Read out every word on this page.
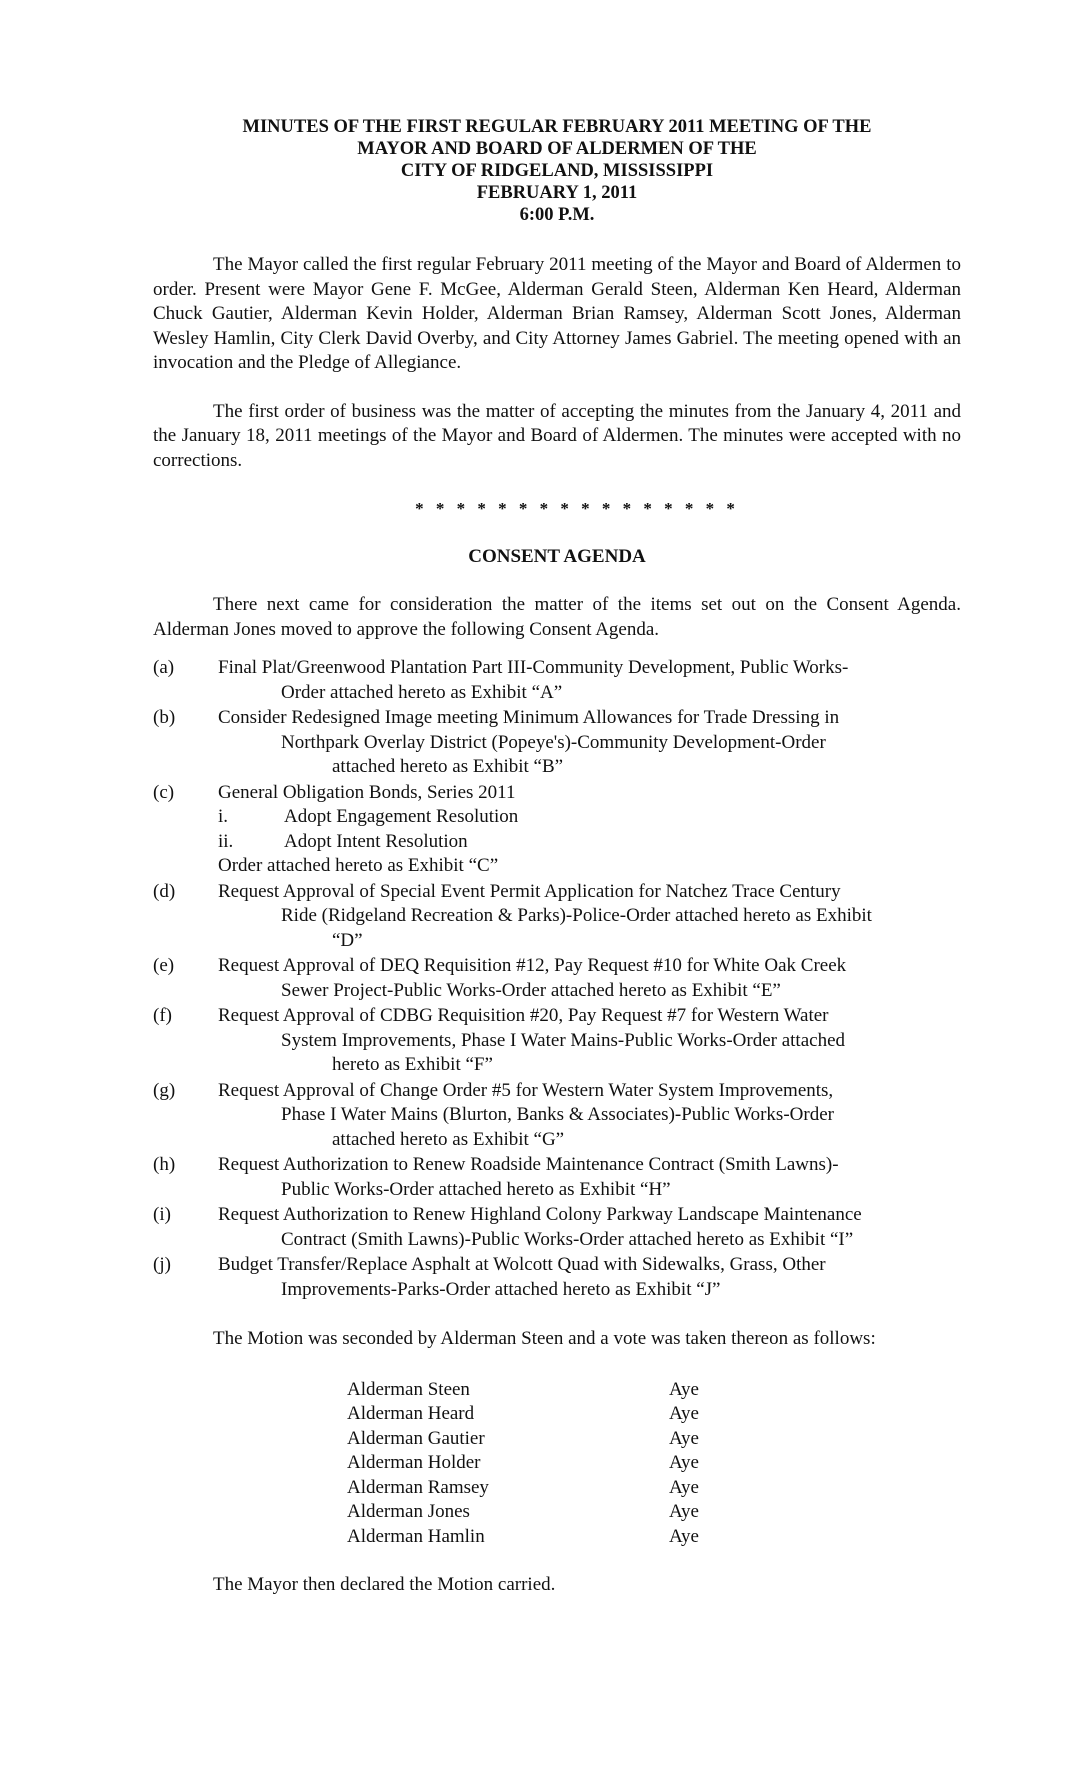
MINUTES OF THE FIRST REGULAR FEBRUARY 2011 MEETING OF THE
MAYOR AND BOARD OF ALDERMEN OF THE
CITY OF RIDGELAND, MISSISSIPPI
FEBRUARY 1, 2011
6:00 P.M.

The Mayor called the first regular February 2011 meeting of the Mayor and Board of Aldermen to order. Present were Mayor Gene F. McGee, Alderman Gerald Steen, Alderman Ken Heard, Alderman Chuck Gautier, Alderman Kevin Holder, Alderman Brian Ramsey, Alderman Scott Jones, Alderman Wesley Hamlin, City Clerk David Overby, and City Attorney James Gabriel. The meeting opened with an invocation and the Pledge of Allegiance.

The first order of business was the matter of accepting the minutes from the January 4, 2011 and the January 18, 2011 meetings of the Mayor and Board of Aldermen. The minutes were accepted with no corrections.

* * * * * * * * * * * * * * * *
CONSENT AGENDA

There next came for consideration the matter of the items set out on the Consent Agenda. Alderman Jones moved to approve the following Consent Agenda.

(a)	Final Plat/Greenwood Plantation Part III-Community Development, Public Works-
Order attached hereto as Exhibit “A”
(b)	Consider Redesigned Image meeting Minimum Allowances for Trade Dressing in
Northpark Overlay District (Popeye's)-Community Development-Order
attached hereto as Exhibit “B”
(c)	General Obligation Bonds, Series 2011
i.	Adopt Engagement Resolution
ii.	Adopt Intent Resolution
Order attached hereto as Exhibit “C”
(d)	Request Approval of Special Event Permit Application for Natchez Trace Century
Ride (Ridgeland Recreation & Parks)-Police-Order attached hereto as Exhibit
“D”
(e)	Request Approval of DEQ Requisition #12, Pay Request #10 for White Oak Creek
Sewer Project-Public Works-Order attached hereto as Exhibit “E”
(f)	Request Approval of CDBG Requisition #20, Pay Request #7 for Western Water
System Improvements, Phase I Water Mains-Public Works-Order attached
hereto as Exhibit “F”
(g)	Request Approval of Change Order #5 for Western Water System Improvements,
Phase I Water Mains (Blurton, Banks & Associates)-Public Works-Order
attached hereto as Exhibit “G”
(h)	Request Authorization to Renew Roadside Maintenance Contract (Smith Lawns)-
Public Works-Order attached hereto as Exhibit “H”
(i)	Request Authorization to Renew Highland Colony Parkway Landscape Maintenance
Contract (Smith Lawns)-Public Works-Order attached hereto as Exhibit “I”
(j)	Budget Transfer/Replace Asphalt at Wolcott Quad with Sidewalks, Grass, Other
Improvements-Parks-Order attached hereto as Exhibit “J”

The Motion was seconded by Alderman Steen and a vote was taken thereon as follows:

Alderman Steen	Aye
Alderman Heard	Aye
Alderman Gautier	Aye
Alderman Holder	Aye
Alderman Ramsey	Aye
Alderman Jones	Aye
Alderman Hamlin	Aye

The Mayor then declared the Motion carried.
